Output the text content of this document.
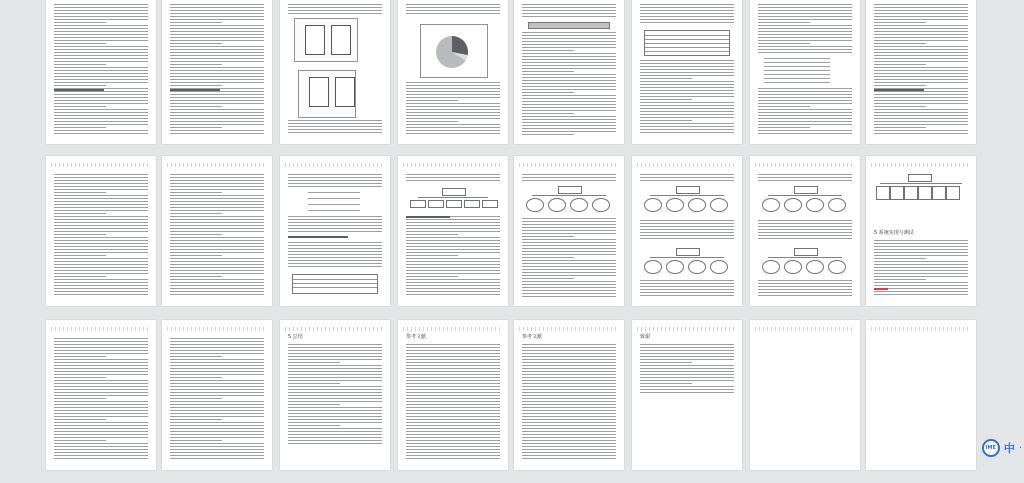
5 系统实现与测试
5 总结	参考文献	参考文献	致谢
IME 中 ·
